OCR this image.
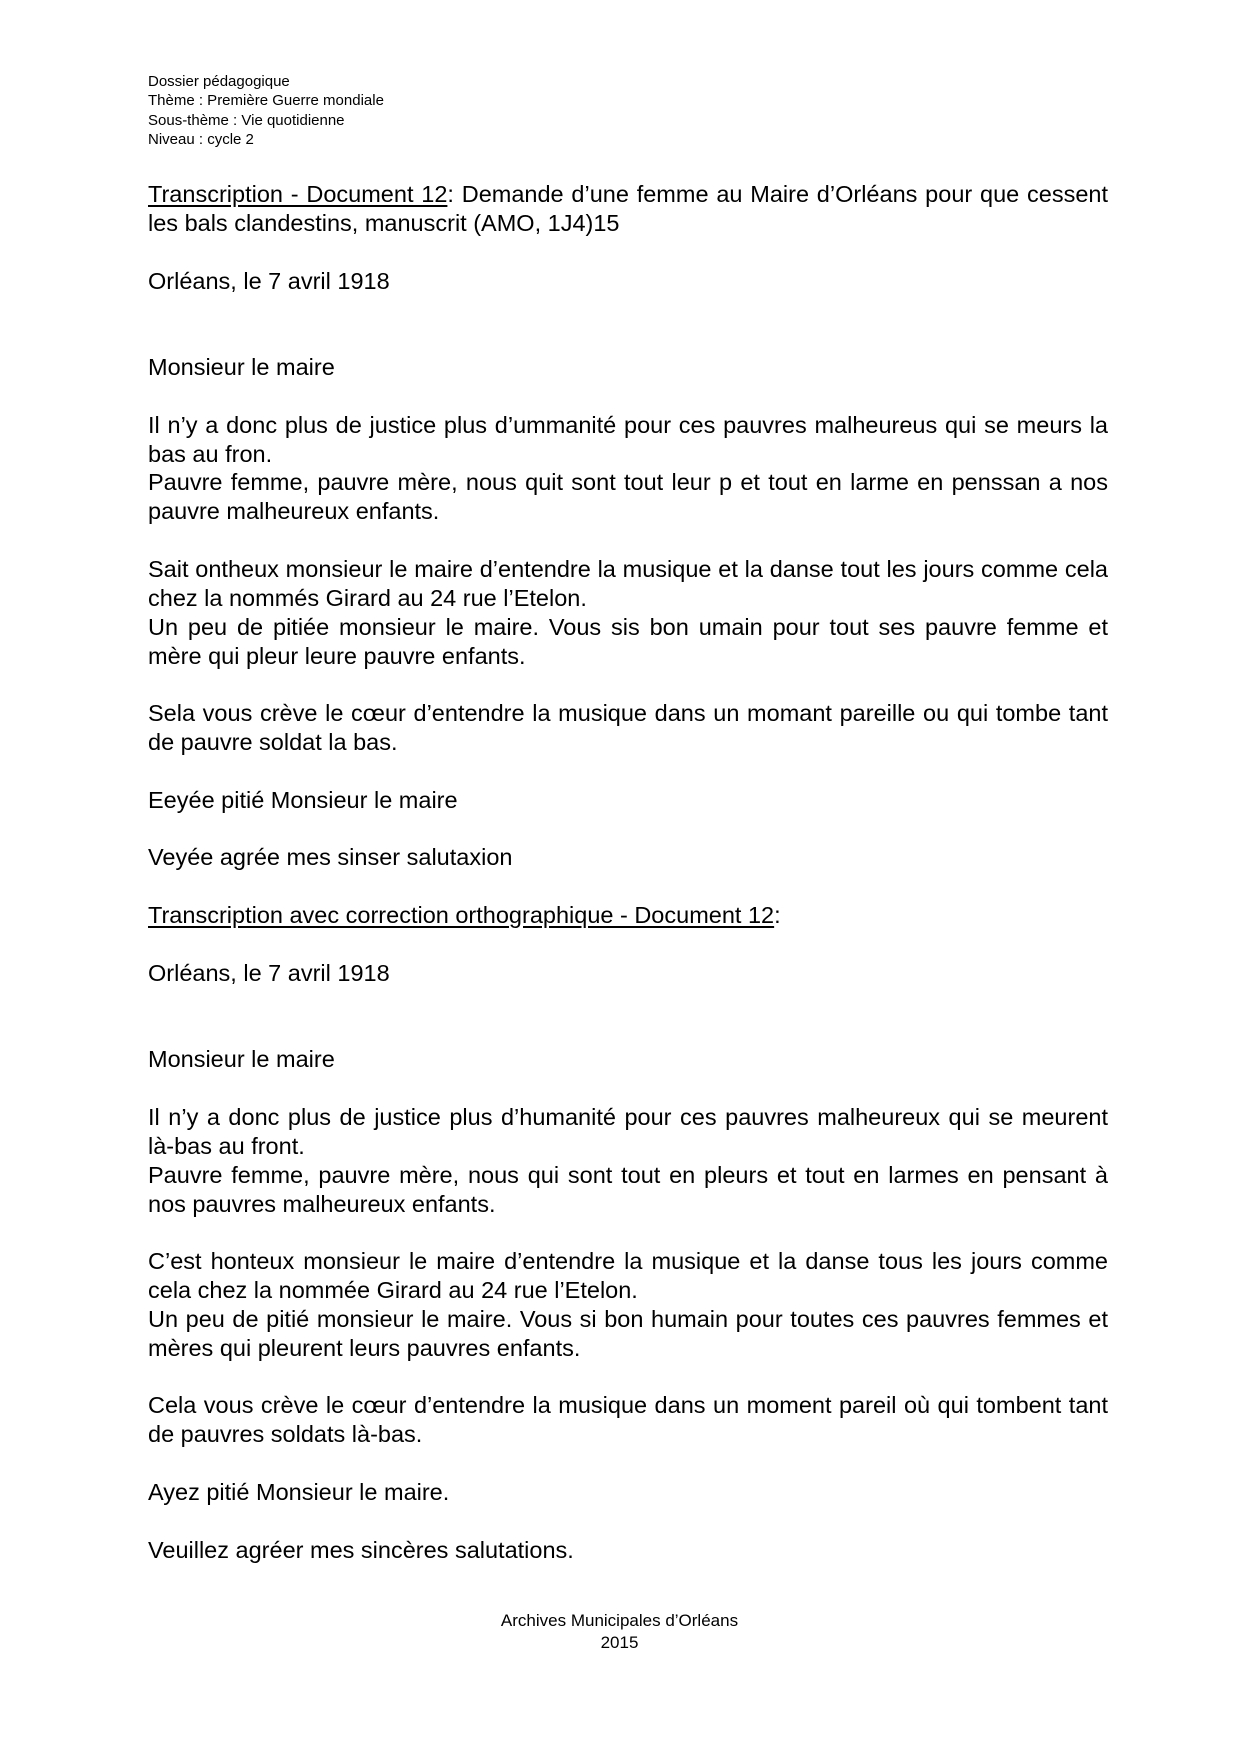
Dossier pédagogique
Thème : Première Guerre mondiale
Sous-thème : Vie quotidienne
Niveau : cycle 2

Transcription - Document 12: Demande d’une femme au Maire d’Orléans pour que cessent les bals clandestins, manuscrit (AMO, 1J4)15

Orléans, le 7 avril 1918

Monsieur le maire

Il n’y a donc plus de justice plus d’ummanité pour ces pauvres malheureus qui se meurs la bas au fron.

Pauvre femme, pauvre mère, nous quit sont tout leur p et tout en larme en penssan a nos pauvre malheureux enfants.

Sait ontheux monsieur le maire d’entendre la musique et la danse tout les jours comme cela chez la nommés Girard au 24 rue l’Etelon.

Un peu de pitiée monsieur le maire. Vous sis bon umain pour tout ses pauvre femme et mère qui pleur leure pauvre enfants.

Sela vous crève le cœur d’entendre la musique dans un momant pareille ou qui tombe tant de pauvre soldat la bas.

Eeyée pitié Monsieur le maire

Veyée agrée mes sinser salutaxion

Transcription avec correction orthographique - Document 12:

Orléans, le 7 avril 1918

Monsieur le maire

Il n’y a donc plus de justice plus d’humanité pour ces pauvres malheureux qui se meurent là-bas au front.

Pauvre femme, pauvre mère, nous qui sont tout en pleurs et tout en larmes en pensant à nos pauvres malheureux enfants.

C’est honteux monsieur le maire d’entendre la musique et la danse tous les jours comme cela chez la nommée Girard au 24 rue l’Etelon.

Un peu de pitié monsieur le maire. Vous si bon humain pour toutes ces pauvres femmes et mères qui pleurent leurs pauvres enfants.

Cela vous crève le cœur d’entendre la musique dans un moment pareil où qui tombent tant de pauvres soldats là-bas.

Ayez pitié Monsieur le maire.

Veuillez agréer mes sincères salutations.

Archives Municipales d’Orléans
2015
